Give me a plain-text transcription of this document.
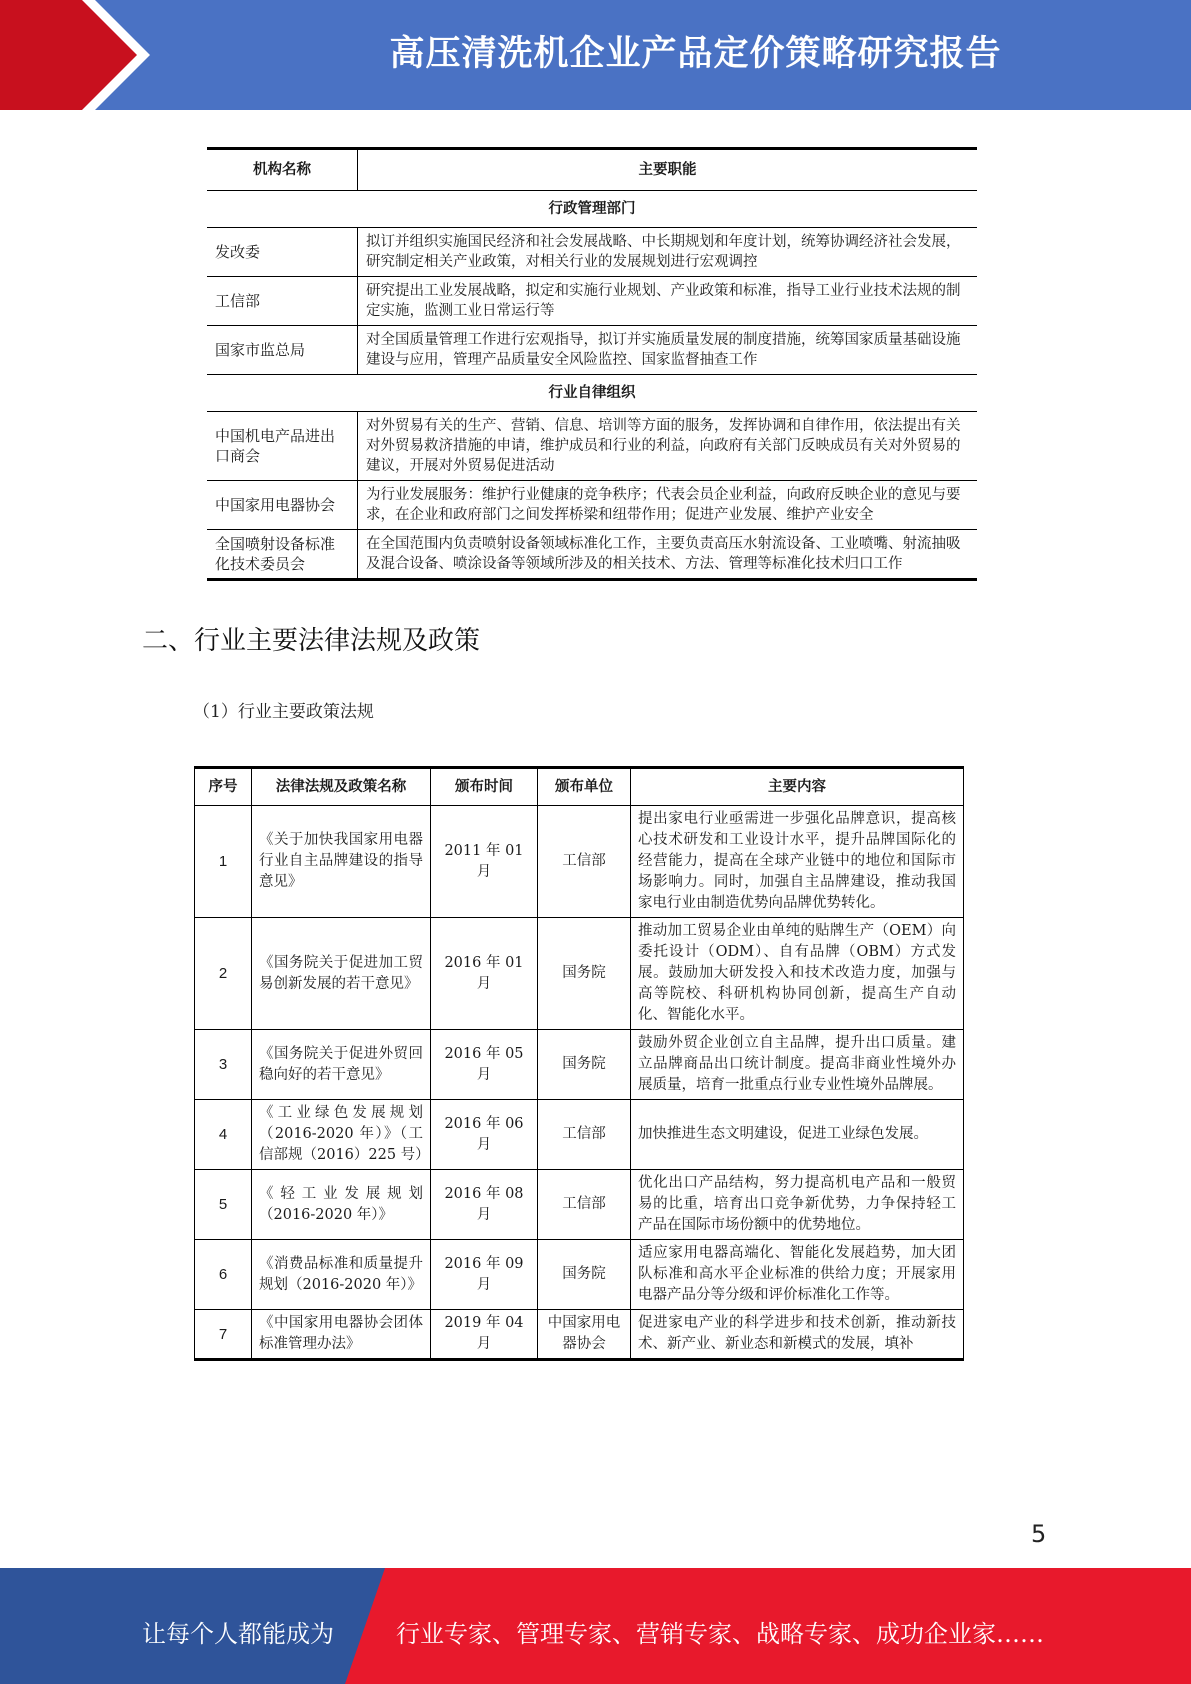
高压清洗机企业产品定价策略研究报告
机构名称	主要职能
行政管理部门	
发改委	拟订并组织实施国民经济和社会发展战略、中长期规划和年度计划，统筹协调经济社会发展，研究制定相关产业政策，对相关行业的发展规划进行宏观调控
工信部	研究提出工业发展战略，拟定和实施行业规划、产业政策和标准，指导工业行业技术法规的制定实施，监测工业日常运行等
国家市监总局	对全国质量管理工作进行宏观指导，拟订并实施质量发展的制度措施，统筹国家质量基础设施建设与应用，管理产品质量安全风险监控、国家监督抽查工作
行业自律组织	
中国机电产品进出口商会	对外贸易有关的生产、营销、信息、培训等方面的服务，发挥协调和自律作用，依法提出有关对外贸易救济措施的申请，维护成员和行业的利益，向政府有关部门反映成员有关对外贸易的建议，开展对外贸易促进活动
中国家用电器协会	为行业发展服务：维护行业健康的竞争秩序；代表会员企业利益，向政府反映企业的意见与要求，在企业和政府部门之间发挥桥梁和纽带作用；促进产业发展、维护产业安全
全国喷射设备标准化技术委员会	在全国范围内负责喷射设备领域标准化工作，主要负责高压水射流设备、工业喷嘴、射流抽吸及混合设备、喷涂设备等领域所涉及的相关技术、方法、管理等标准化技术归口工作
二、行业主要法律法规及政策
（1）行业主要政策法规
序号	法律法规及政策名称	颁布时间	颁布单位	主要内容
1	《关于加快我国家用电器行业自主品牌建设的指导意见》	2011 年 01 月	工信部	提出家电行业亟需进一步强化品牌意识，提高核心技术研发和工业设计水平，提升品牌国际化的经营能力，提高在全球产业链中的地位和国际市场影响力。同时，加强自主品牌建设，推动我国家电行业由制造优势向品牌优势转化。
2	《国务院关于促进加工贸易创新发展的若干意见》	2016 年 01 月	国务院	推动加工贸易企业由单纯的贴牌生产（OEM）向委托设计（ODM）、自有品牌（OBM）方式发展。鼓励加大研发投入和技术改造力度，加强与高等院校、科研机构协同创新，提高生产自动化、智能化水平。
3	《国务院关于促进外贸回稳向好的若干意见》	2016 年 05 月	国务院	鼓励外贸企业创立自主品牌，提升出口质量。建立品牌商品出口统计制度。提高非商业性境外办展质量，培育一批重点行业专业性境外品牌展。
4	《工业绿色发展规划（2016-2020 年）》（工信部规（2016）225 号）	2016 年 06 月	工信部	加快推进生态文明建设，促进工业绿色发展。
5	《轻工业发展规划（2016-2020 年）》	2016 年 08 月	工信部	优化出口产品结构，努力提高机电产品和一般贸易的比重，培育出口竞争新优势，力争保持轻工产品在国际市场份额中的优势地位。
6	《消费品标准和质量提升规划（2016-2020 年）》	2016 年 09 月	国务院	适应家用电器高端化、智能化发展趋势，加大团队标准和高水平企业标准的供给力度；开展家用电器产品分等分级和评价标准化工作等。
7	《中国家用电器协会团体标准管理办法》	2019 年 04 月	中国家用电器协会	促进家电产业的科学进步和技术创新，推动新技术、新产业、新业态和新模式的发展，填补
5
让每个人都能成为	行业专家、管理专家、营销专家、战略专家、成功企业家……
